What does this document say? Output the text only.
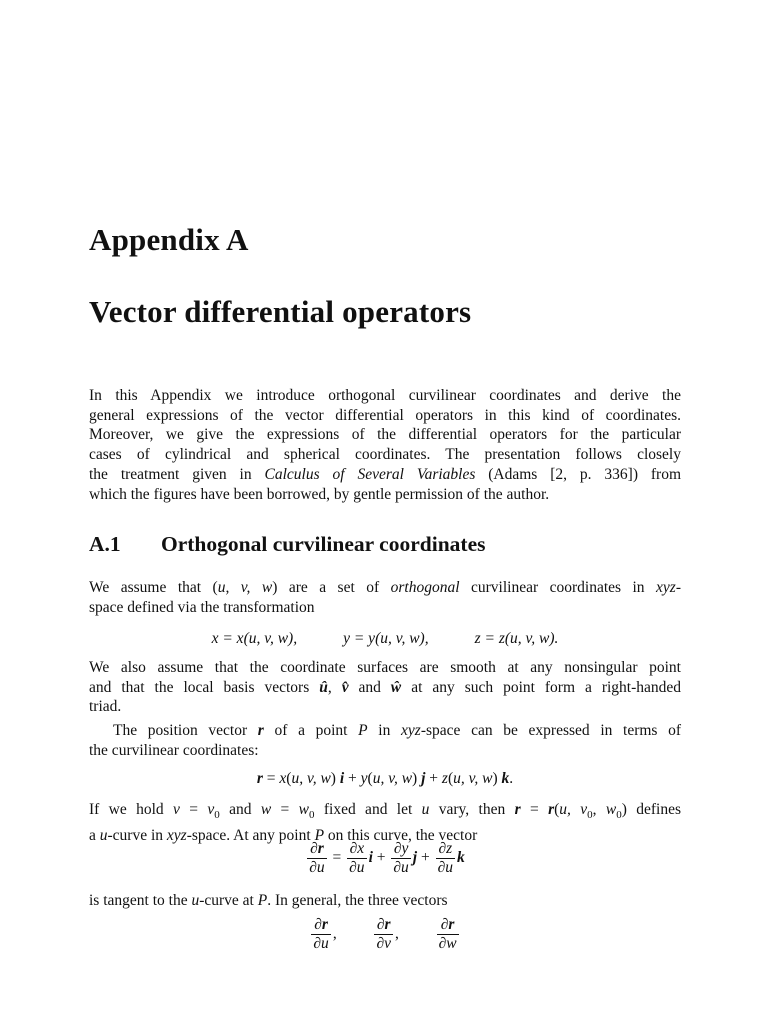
Appendix A
Vector differential operators

In this Appendix we introduce orthogonal curvilinear coordinates and derive the
general expressions of the vector differential operators in this kind of coordinates.
Moreover, we give the expressions of the differential operators for the particular
cases of cylindrical and spherical coordinates. The presentation follows closely
the treatment given in Calculus of Several Variables (Adams [2, p. 336]) from
which the figures have been borrowed, by gentle permission of the author.

A.1 Orthogonal curvilinear coordinates

We assume that (u, v, w) are a set of orthogonal curvilinear coordinates in xyz-
space defined via the transformation

x = x(u, v, w),	y = y(u, v, w),	z = z(u, v, w).

We also assume that the coordinate surfaces are smooth at any nonsingular point
and that the local basis vectors û, v̂ and ŵ at any such point form a right-handed
triad.

The position vector r of a point P in xyz-space can be expressed in terms of
the curvilinear coordinates:

r = x(u, v, w) i + y(u, v, w) j + z(u, v, w) k.

If we hold $v = v_0$ and $w = w_0$ fixed and let u vary, then r = r(u, $v_0$, $w_0$) defines
a u-curve in xyz-space. At any point P on this curve, the vector

$\frac{\partial r}{\partial u} = \frac{\partial x}{\partial u}$ $i + \frac{\partial y}{\partial u}$ $j + \frac{\partial z}{\partial u}$ k

is tangent to the u-curve at P. In general, the three vectors

$\frac{\partial r}{\partial u}$ , $\frac{\partial r}{\partial v}$ , $\frac{\partial r}{\partial w}$
